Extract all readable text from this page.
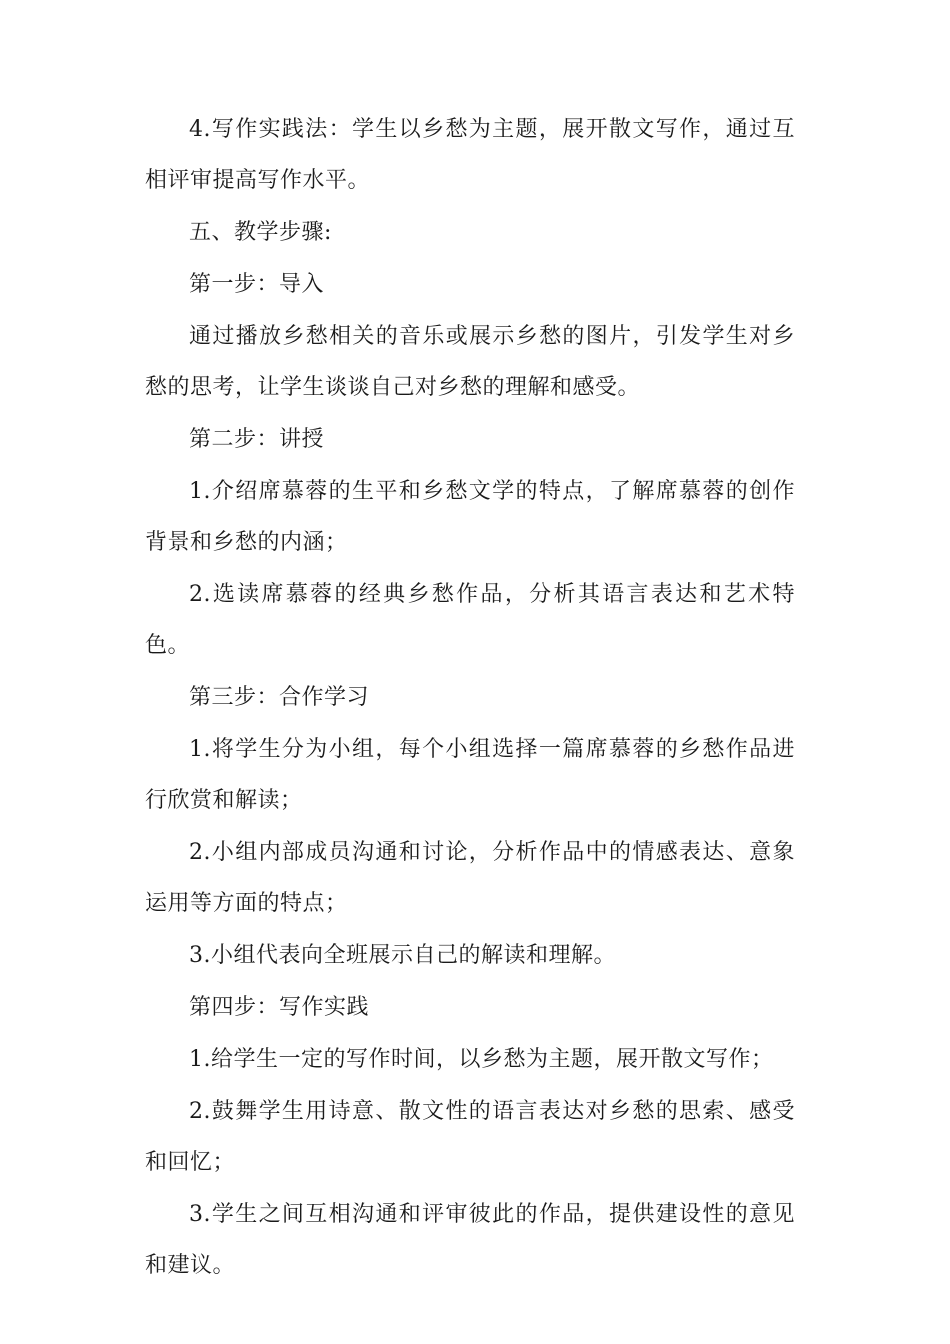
4.写作实践法：学生以乡愁为主题，展开散文写作，通过互相评审提高写作水平。

五、教学步骤:

第一步：导入

通过播放乡愁相关的音乐或展示乡愁的图片，引发学生对乡愁的思考，让学生谈谈自己对乡愁的理解和感受。

第二步：讲授

1.介绍席慕蓉的生平和乡愁文学的特点，了解席慕蓉的创作背景和乡愁的内涵；

2.选读席慕蓉的经典乡愁作品，分析其语言表达和艺术特色。

第三步：合作学习

1.将学生分为小组，每个小组选择一篇席慕蓉的乡愁作品进行欣赏和解读；

2.小组内部成员沟通和讨论，分析作品中的情感表达、意象运用等方面的特点；

3.小组代表向全班展示自己的解读和理解。

第四步：写作实践

1.给学生一定的写作时间，以乡愁为主题，展开散文写作；

2.鼓舞学生用诗意、散文性的语言表达对乡愁的思索、感受和回忆；

3.学生之间互相沟通和评审彼此的作品，提供建设性的意见和建议。
